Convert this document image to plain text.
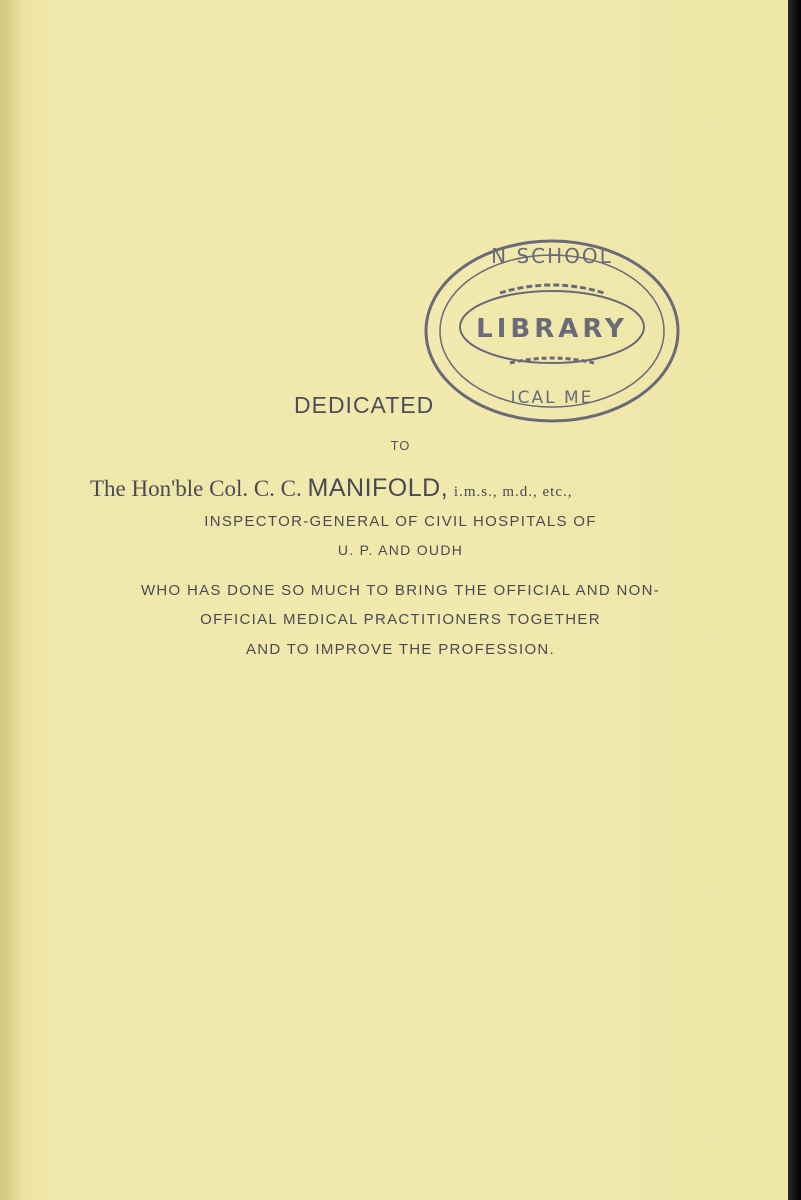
N SCHOOL
LIBRARY
ICAL ME
DEDICATED
TO
The Hon'ble Col. C. C. MANIFOLD, i.m.s., m.d., etc.,
INSPECTOR-GENERAL OF CIVIL HOSPITALS OF
U. P. AND OUDH
WHO HAS DONE SO MUCH TO BRING THE OFFICIAL AND NON-
OFFICIAL MEDICAL PRACTITIONERS TOGETHER
AND TO IMPROVE THE PROFESSION.
